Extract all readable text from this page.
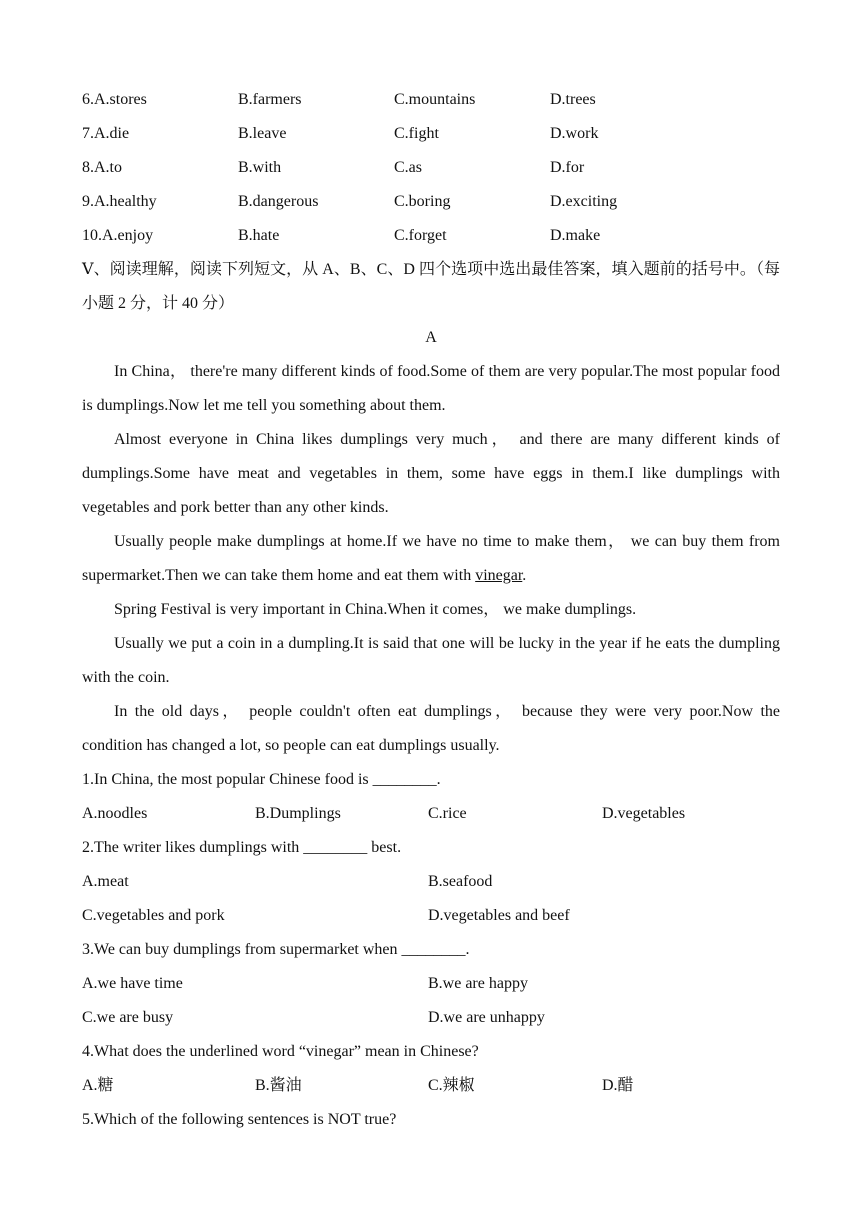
6.A.stores	B.farmers	C.mountains	D.trees
7.A.die	B.leave	C.fight	D.work
8.A.to	B.with	C.as	D.for
9.A.healthy	B.dangerous	C.boring	D.exciting
10.A.enjoy	B.hate	C.forget	D.make

Ⅴ、阅读理解，阅读下列短文，从 A、B、C、D 四个选项中选出最佳答案，填入题前的括号中。（每小题 2 分，计 40 分）

A

In China， there're many different kinds of food.Some of them are very popular.The most popular food is dumplings.Now let me tell you something about them.

Almost everyone in China likes dumplings very much， and there are many different kinds of dumplings.Some have meat and vegetables in them, some have eggs in them.I like dumplings with vegetables and pork better than any other kinds.

Usually people make dumplings at home.If we have no time to make them， we can buy them from supermarket.Then we can take them home and eat them with vinegar.

Spring Festival is very important in China.When it comes， we make dumplings.

Usually we put a coin in a dumpling.It is said that one will be lucky in the year if he eats the dumpling with the coin.

In the old days， people couldn't often eat dumplings， because they were very poor.Now the condition has changed a lot, so people can eat dumplings usually.

1.In China, the most popular Chinese food is ________.

A.noodles	B.Dumplings	C.rice	D.vegetables

2.The writer likes dumplings with ________ best.

A.meat	B.seafood
C.vegetables and pork	D.vegetables and beef

3.We can buy dumplings from supermarket when ________.

A.we have time	B.we are happy
C.we are busy	D.we are unhappy

4.What does the underlined word “vinegar” mean in Chinese?

A.糖	B.酱油	C.辣椒	D.醋

5.Which of the following sentences is NOT true?
